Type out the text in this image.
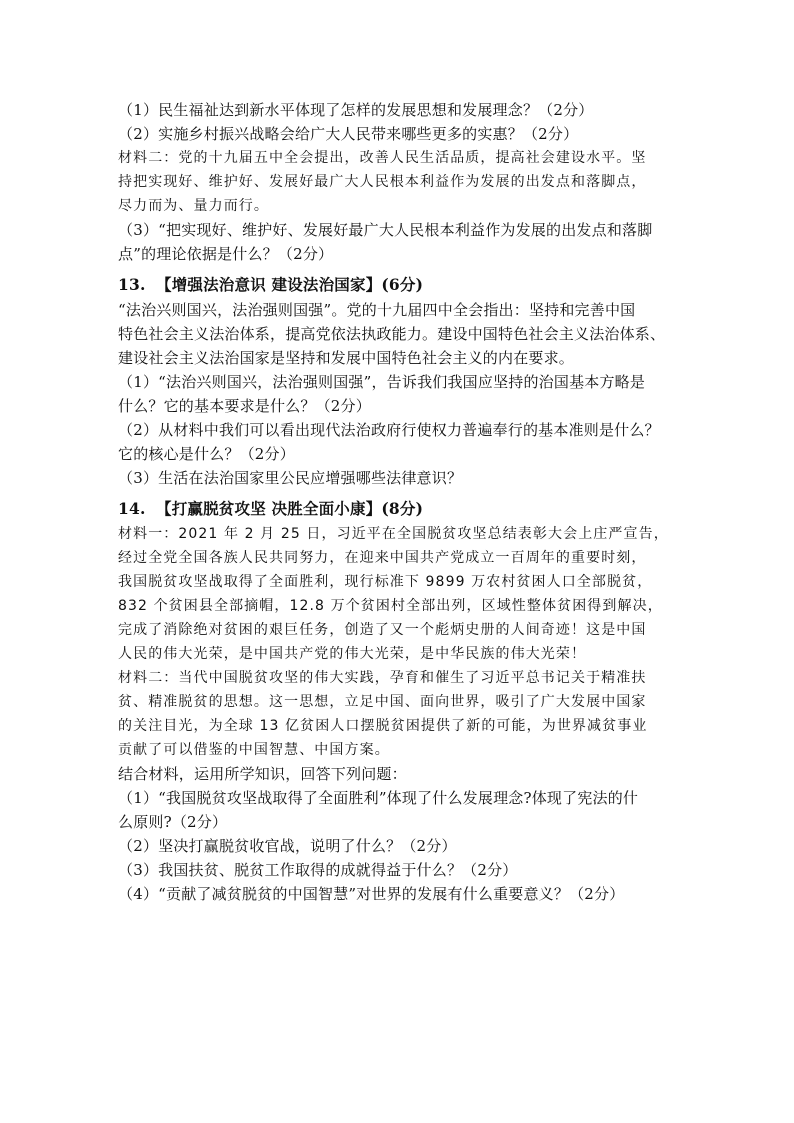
（1）民生福祉达到新水平体现了怎样的发展思想和发展理念？（2分）
（2）实施乡村振兴战略会给广大人民带来哪些更多的实惠？（2分）
材料二：党的十九届五中全会提出，改善人民生活品质，提高社会建设水平。坚
持把实现好、维护好、发展好最广大人民根本利益作为发展的出发点和落脚点，
尽力而为、量力而行。
（3）“把实现好、维护好、发展好最广大人民根本利益作为发展的出发点和落脚
点”的理论依据是什么？（2分）
13. 【增强法治意识 建设法治国家】(6分)
“法治兴则国兴，法治强则国强”。党的十九届四中全会指出：坚持和完善中国
特色社会主义法治体系，提高党依法执政能力。建设中国特色社会主义法治体系、
建设社会主义法治国家是坚持和发展中国特色社会主义的内在要求。
（1）“法治兴则国兴，法治强则国强”，告诉我们我国应坚持的治国基本方略是
什么？它的基本要求是什么？（2分）
（2）从材料中我们可以看出现代法治政府行使权力普遍奉行的基本准则是什么？
它的核心是什么？（2分）
（3）生活在法治国家里公民应增强哪些法律意识？
14. 【打赢脱贫攻坚 决胜全面小康】(8分)
材料一：2021 年 2 月 25 日，习近平在全国脱贫攻坚总结表彰大会上庄严宣告，
经过全党全国各族人民共同努力，在迎来中国共产党成立一百周年的重要时刻，
我国脱贫攻坚战取得了全面胜利，现行标准下 9899 万农村贫困人口全部脱贫，
832 个贫困县全部摘帽，12.8 万个贫困村全部出列，区域性整体贫困得到解决，
完成了消除绝对贫困的艰巨任务，创造了又一个彪炳史册的人间奇迹！这是中国
人民的伟大光荣，是中国共产党的伟大光荣，是中华民族的伟大光荣！
材料二：当代中国脱贫攻坚的伟大实践，孕育和催生了习近平总书记关于精准扶
贫、精准脱贫的思想。这一思想，立足中国、面向世界，吸引了广大发展中国家
的关注目光，为全球 13 亿贫困人口摆脱贫困提供了新的可能，为世界减贫事业
贡献了可以借鉴的中国智慧、中国方案。
结合材料，运用所学知识，回答下列问题：
（1）“我国脱贫攻坚战取得了全面胜利”体现了什么发展理念?体现了宪法的什
么原则?（2分）
（2）坚决打赢脱贫收官战，说明了什么？（2分）
（3）我国扶贫、脱贫工作取得的成就得益于什么？（2分）
（4）“贡献了减贫脱贫的中国智慧”对世界的发展有什么重要意义？（2分）
